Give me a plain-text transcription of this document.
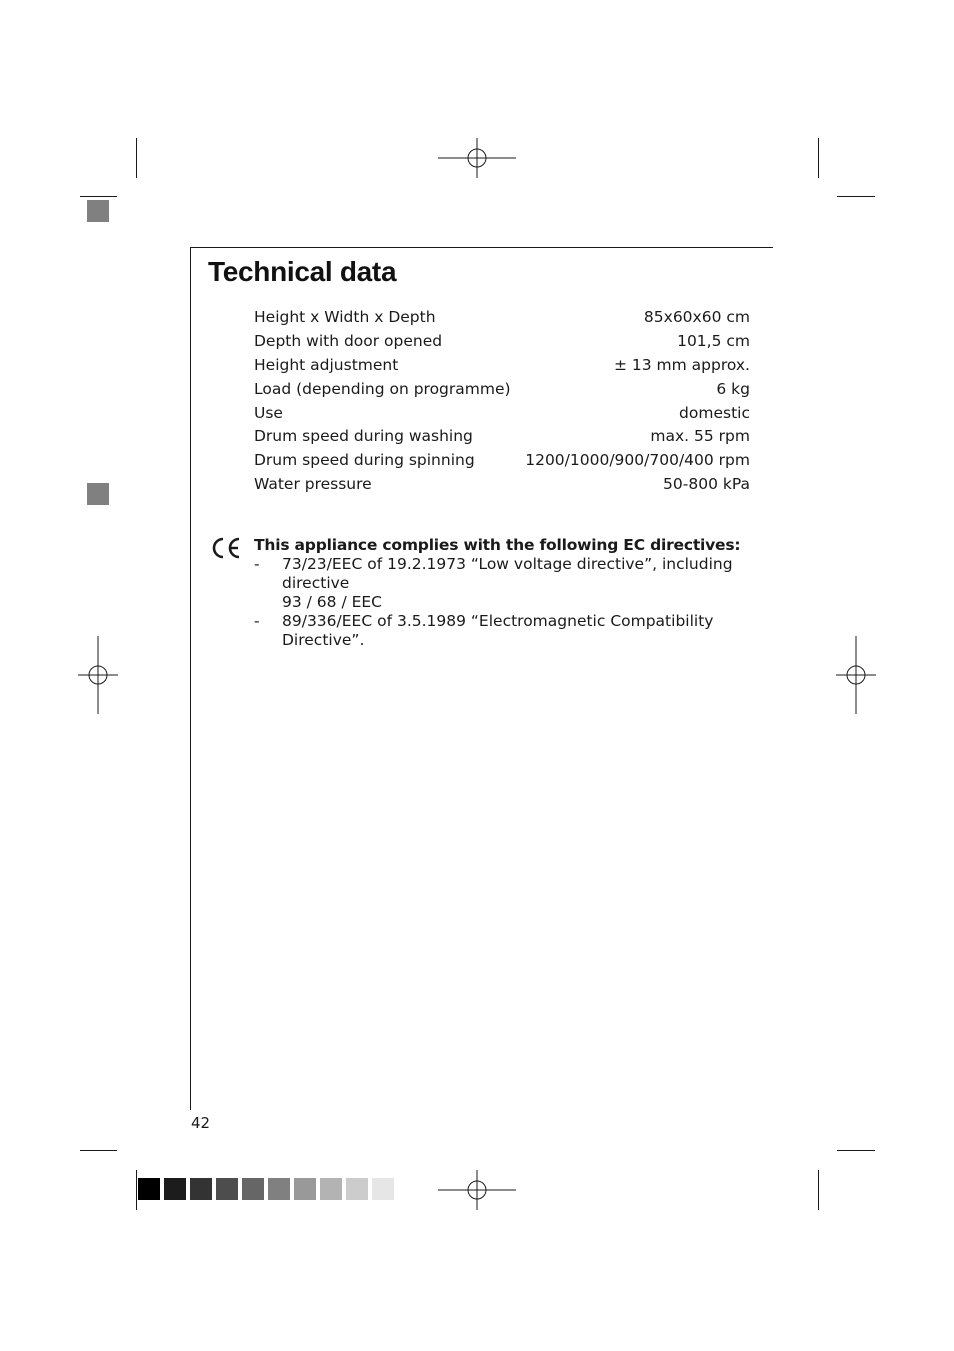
Technical data
Height x Width x Depth	85x60x60 cm
Depth with door opened	101,5 cm
Height adjustment	± 13 mm approx.
Load (depending on programme)	6 kg
Use	domestic
Drum speed during washing	max. 55 rpm
Drum speed during spinning	1200/1000/900/700/400 rpm
Water pressure	50-800 kPa
This appliance complies with the following EC directives:
- 73/23/EEC of 19.2.1973 “Low voltage directive”, including directive
93 / 68 / EEC
- 89/336/EEC of 3.5.1989 “Electromagnetic Compatibility Directive”.
42
